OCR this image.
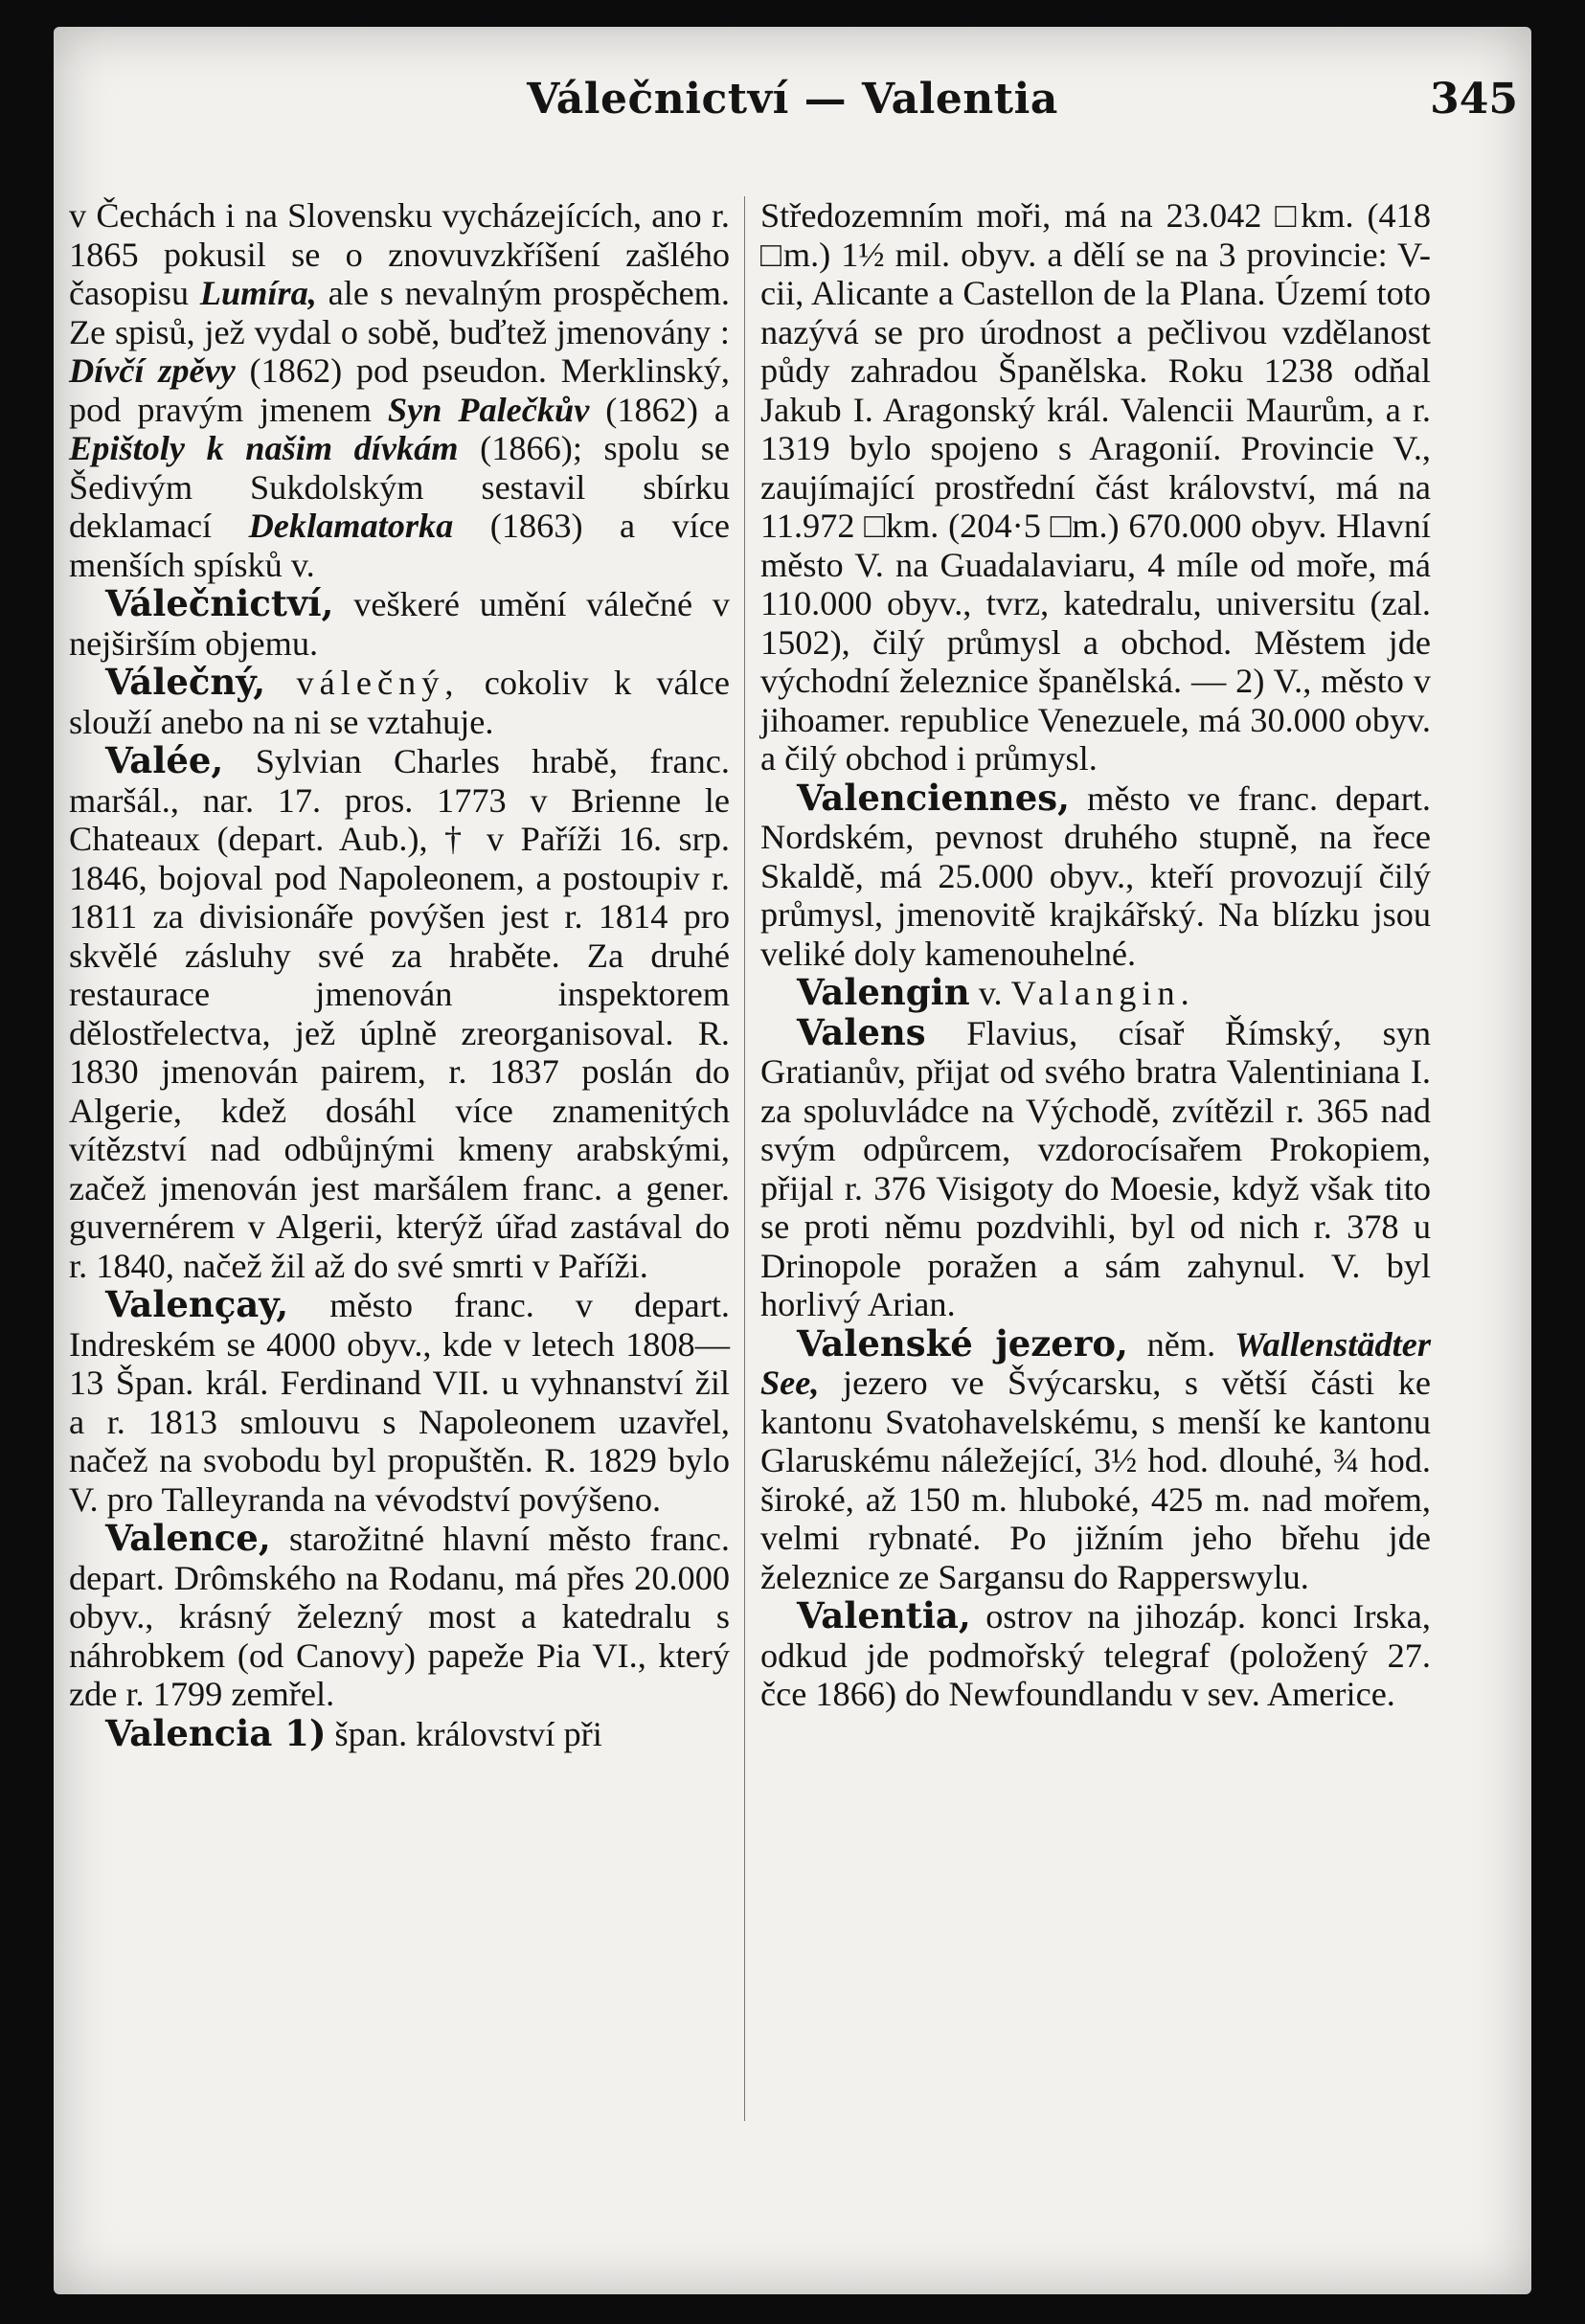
Válečnictví — Valentia	345

v Čechách i na Slovensku vycházejících, ano r. 1865 pokusil se o znovuvzkříšení zašlého časopisu Lumíra, ale s nevalným prospěchem. Ze spisů, jež vydal o sobě, buďtež jmenovány : Dívčí zpěvy (1862) pod pseudon. Merklinský, pod pravým jmenem Syn Palečkův (1862) a Epištoly k našim dívkám (1866); spolu se Šedivým Sukdolským sestavil sbírku deklamací Deklamatorka (1863) a více menších spísků v.

Válečnictví, veškeré umění válečné v nejširším objemu.

Válečný, válečný, cokoliv k válce slouží anebo na ni se vztahuje.

Valée, Sylvian Charles hrabě, franc. maršál., nar. 17. pros. 1773 v Brienne le Chateaux (depart. Aub.), † v Paříži 16. srp. 1846, bojoval pod Napoleonem, a postoupiv r. 1811 za divisionáře povýšen jest r. 1814 pro skvělé zásluhy své za hraběte. Za druhé restaurace jmenován inspektorem dělostřelectva, jež úplně zreorganisoval. R. 1830 jmenován pairem, r. 1837 poslán do Algerie, kdež dosáhl více znamenitých vítězství nad odbůjnými kmeny arabskými, začež jmenován jest maršálem franc. a gener. guvernérem v Algerii, kterýž úřad zastával do r. 1840, načež žil až do své smrti v Paříži.

Valençay, město franc. v depart. Indreském se 4000 obyv., kde v letech 1808—13 Špan. král. Ferdinand VII. u vyhnanství žil a r. 1813 smlouvu s Napoleonem uzavřel, načež na svobodu byl propuštěn. R. 1829 bylo V. pro Talleyranda na vévodství povýšeno.

Valence, starožitné hlavní město franc. depart. Drômského na Rodanu, má přes 20.000 obyv., krásný železný most a katedralu s náhrobkem (od Canovy) papeže Pia VI., který zde r. 1799 zemřel.

Valencia 1) špan. království při

Středozemním moři, má na 23.042 □km. (418 □m.) 1½ mil. obyv. a dělí se na 3 provincie: V-cii, Alicante a Castellon de la Plana. Území toto nazývá se pro úrodnost a pečlivou vzdělanost půdy zahradou Španělska. Roku 1238 odňal Jakub I. Aragonský král. Valencii Maurům, a r. 1319 bylo spojeno s Aragonií. Provincie V., zaujímající prostřední část království, má na 11.972 □km. (204·5 □m.) 670.000 obyv. Hlavní město V. na Guadalaviaru, 4 míle od moře, má 110.000 obyv., tvrz, katedralu, universitu (zal. 1502), čilý průmysl a obchod. Městem jde východní železnice španělská. — 2) V., město v jihoamer. republice Venezuele, má 30.000 obyv. a čilý obchod i průmysl.

Valenciennes, město ve franc. depart. Nordském, pevnost druhého stupně, na řece Skaldě, má 25.000 obyv., kteří provozují čilý průmysl, jmenovitě krajkářský. Na blízku jsou veliké doly kamenouhelné.

Valengin v. Valangin.

Valens Flavius, císař Římský, syn Gratianův, přijat od svého bratra Valentiniana I. za spoluvládce na Východě, zvítězil r. 365 nad svým odpůrcem, vzdorocísařem Prokopiem, přijal r. 376 Visigoty do Moesie, když však tito se proti němu pozdvihli, byl od nich r. 378 u Drinopole poražen a sám zahynul. V. byl horlivý Arian.

Valenské jezero, něm. Wallenstädter See, jezero ve Švýcarsku, s větší části ke kantonu Svatohavelskému, s menší ke kantonu Glaruskému náležející, 3½ hod. dlouhé, ¾ hod. široké, až 150 m. hluboké, 425 m. nad mořem, velmi rybnaté. Po jižním jeho břehu jde železnice ze Sargansu do Rapperswylu.

Valentia, ostrov na jihozáp. konci Irska, odkud jde podmořský telegraf (položený 27. čce 1866) do Newfoundlandu v sev. Americe.
